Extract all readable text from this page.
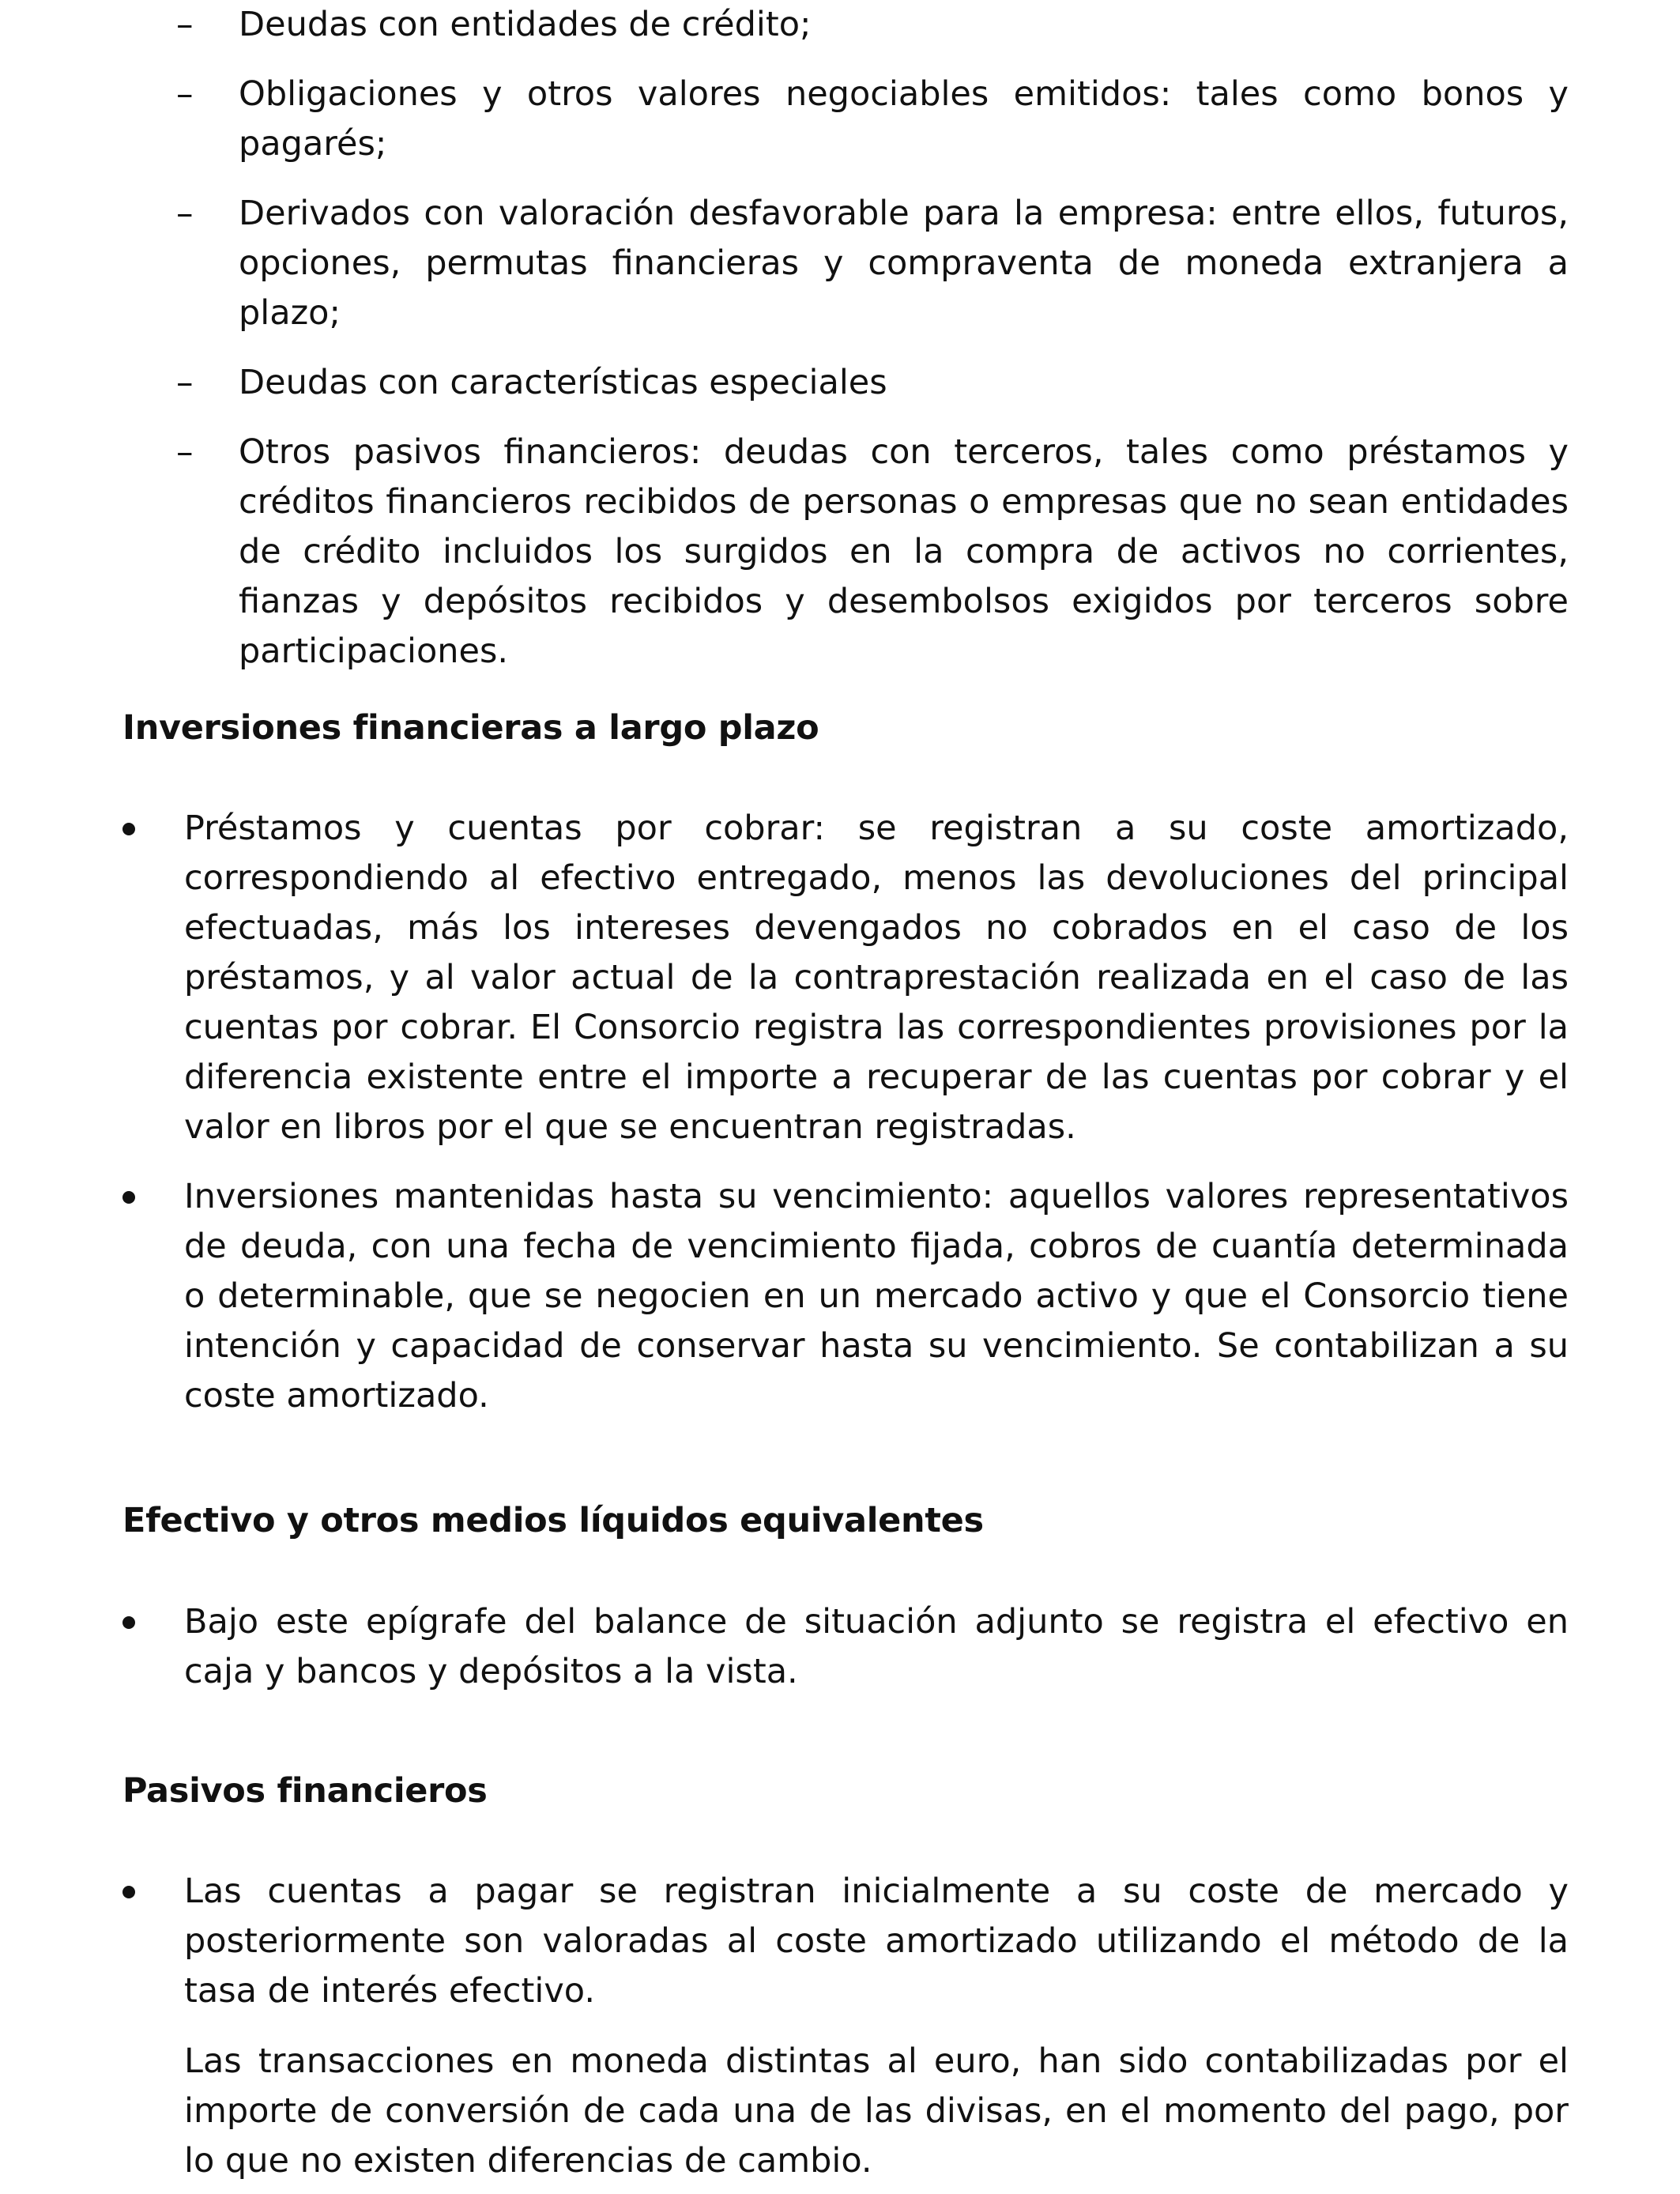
– Deudas con entidades de crédito;
– Obligaciones y otros valores negociables emitidos: tales como bonos y pagarés;
– Derivados con valoración desfavorable para la empresa: entre ellos, futuros, opciones, permutas financieras y compraventa de moneda extranjera a plazo;
– Deudas con características especiales
– Otros pasivos financieros: deudas con terceros, tales como préstamos y créditos financieros recibidos de personas o empresas que no sean entidades de crédito incluidos los surgidos en la compra de activos no corrientes, fianzas y depósitos recibidos y desembolsos exigidos por terceros sobre participaciones.
Inversiones financieras a largo plazo
Préstamos y cuentas por cobrar: se registran a su coste amortizado, correspondiendo al efectivo entregado, menos las devoluciones del principal efectuadas, más los intereses devengados no cobrados en el caso de los préstamos, y al valor actual de la contraprestación realizada en el caso de las cuentas por cobrar. El Consorcio registra las correspondientes provisiones por la diferencia existente entre el importe a recuperar de las cuentas por cobrar y el valor en libros por el que se encuentran registradas.
Inversiones mantenidas hasta su vencimiento: aquellos valores representativos de deuda, con una fecha de vencimiento fijada, cobros de cuantía determinada o determinable, que se negocien en un mercado activo y que el Consorcio tiene intención y capacidad de conservar hasta su vencimiento. Se contabilizan a su coste amortizado.
Efectivo y otros medios líquidos equivalentes
Bajo este epígrafe del balance de situación adjunto se registra el efectivo en caja y bancos y depósitos a la vista.
Pasivos financieros
Las cuentas a pagar se registran inicialmente a su coste de mercado y posteriormente son valoradas al coste amortizado utilizando el método de la tasa de interés efectivo.

Las transacciones en moneda distintas al euro, han sido contabilizadas por el importe de conversión de cada una de las divisas, en el momento del pago, por lo que no existen diferencias de cambio.
